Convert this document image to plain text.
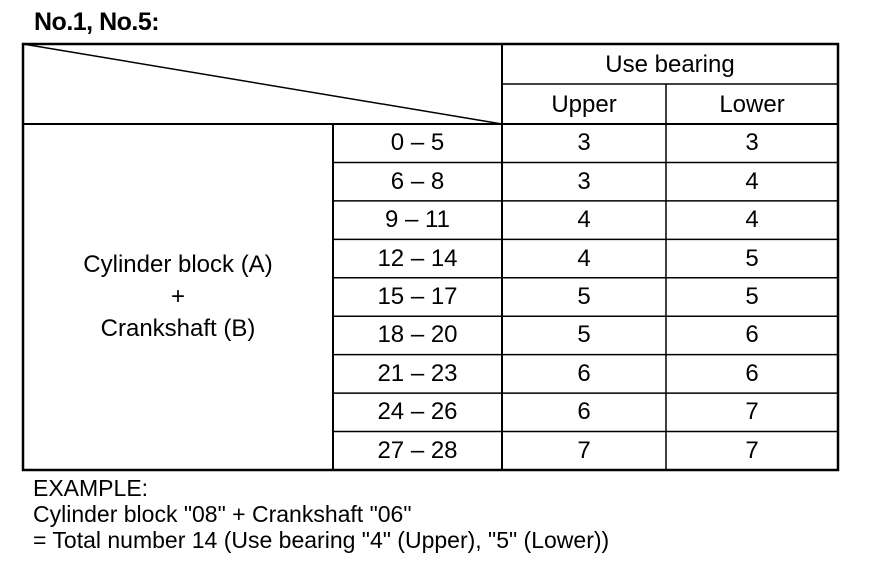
No.1, No.5:
Use bearing
Upper	Lower
Cylinder block (A)
+
Crankshaft (B)
0 – 5	3	3
6 – 8	3	4
9 – 11	4	4
12 – 14	4	5
15 – 17	5	5
18 – 20	5	6
21 – 23	6	6
24 – 26	6	7
27 – 28	7	7
EXAMPLE:
Cylinder block "08" + Crankshaft "06"
= Total number 14 (Use bearing "4" (Upper), "5" (Lower))
